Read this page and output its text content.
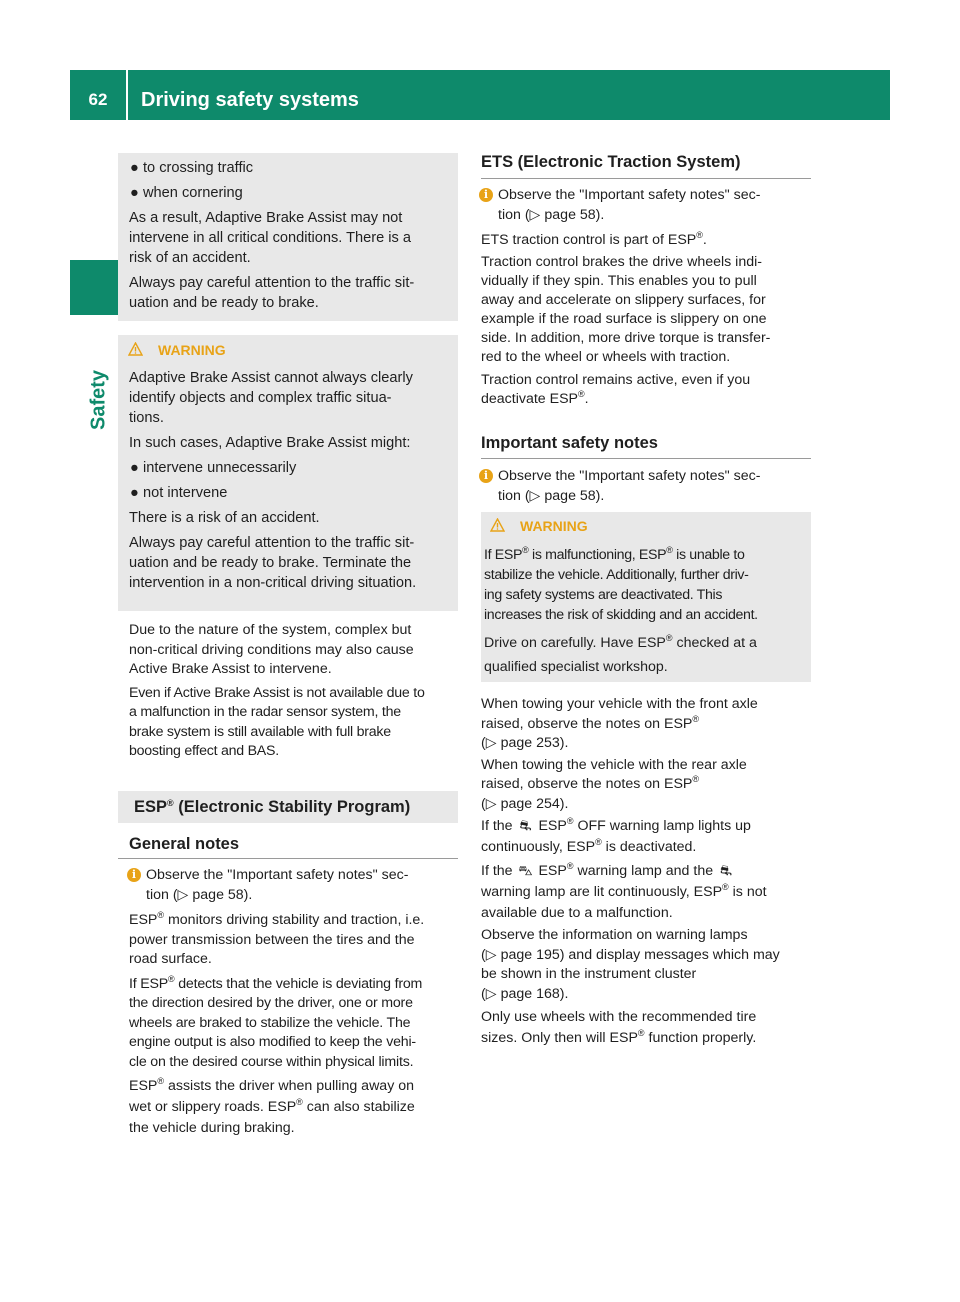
62	Driving safety systems
Safety
● to crossing traffic
● when cornering

As a result, Adaptive Brake Assist may not
intervene in all critical conditions. There is a
risk of an accident.

Always pay careful attention to the traffic sit-
uation and be ready to brake.

WARNING

Adaptive Brake Assist cannot always clearly
identify objects and complex traffic situa-
tions.

In such cases, Adaptive Brake Assist might:

● intervene unnecessarily
● not intervene

There is a risk of an accident.

Always pay careful attention to the traffic sit-
uation and be ready to brake. Terminate the
intervention in a non-critical driving situation.

Due to the nature of the system, complex but
non-critical driving conditions may also cause
Active Brake Assist to intervene.

Even if Active Brake Assist is not available due to
a malfunction in the radar sensor system, the
brake system is still available with full brake
boosting effect and BAS.

ESP® (Electronic Stability Program)
General notes
i Observe the "Important safety notes" sec-
tion (▷ page 58).

ESP® monitors driving stability and traction, i.e.
power transmission between the tires and the
road surface.

If ESP® detects that the vehicle is deviating from
the direction desired by the driver, one or more
wheels are braked to stabilize the vehicle. The
engine output is also modified to keep the vehi-
cle on the desired course within physical limits.

ESP® assists the driver when pulling away on
wet or slippery roads. ESP® can also stabilize
the vehicle during braking.

ETS (Electronic Traction System)
i Observe the "Important safety notes" sec-
tion (▷ page 58).

ETS traction control is part of ESP®.

Traction control brakes the drive wheels indi-
vidually if they spin. This enables you to pull
away and accelerate on slippery surfaces, for
example if the road surface is slippery on one
side. In addition, more drive torque is transfer-
red to the wheel or wheels with traction.

Traction control remains active, even if you
deactivate ESP®.

Important safety notes
i Observe the "Important safety notes" sec-
tion (▷ page 58).
WARNING

If ESP® is malfunctioning, ESP® is unable to
stabilize the vehicle. Additionally, further driv-
ing safety systems are deactivated. This
increases the risk of skidding and an accident.

Drive on carefully. Have ESP® checked at a
qualified specialist workshop.

When towing your vehicle with the front axle
raised, observe the notes on ESP®
(▷ page 253).

When towing the vehicle with the rear axle
raised, observe the notes on ESP®
(▷ page 254).

If the ⛐ ESP® OFF warning lamp lights up
continuously, ESP® is deactivated.

If the ⛍ ESP® warning lamp and the ⛐
warning lamp are lit continuously, ESP® is not
available due to a malfunction.

Observe the information on warning lamps
(▷ page 195) and display messages which may
be shown in the instrument cluster
(▷ page 168).

Only use wheels with the recommended tire
sizes. Only then will ESP® function properly.
